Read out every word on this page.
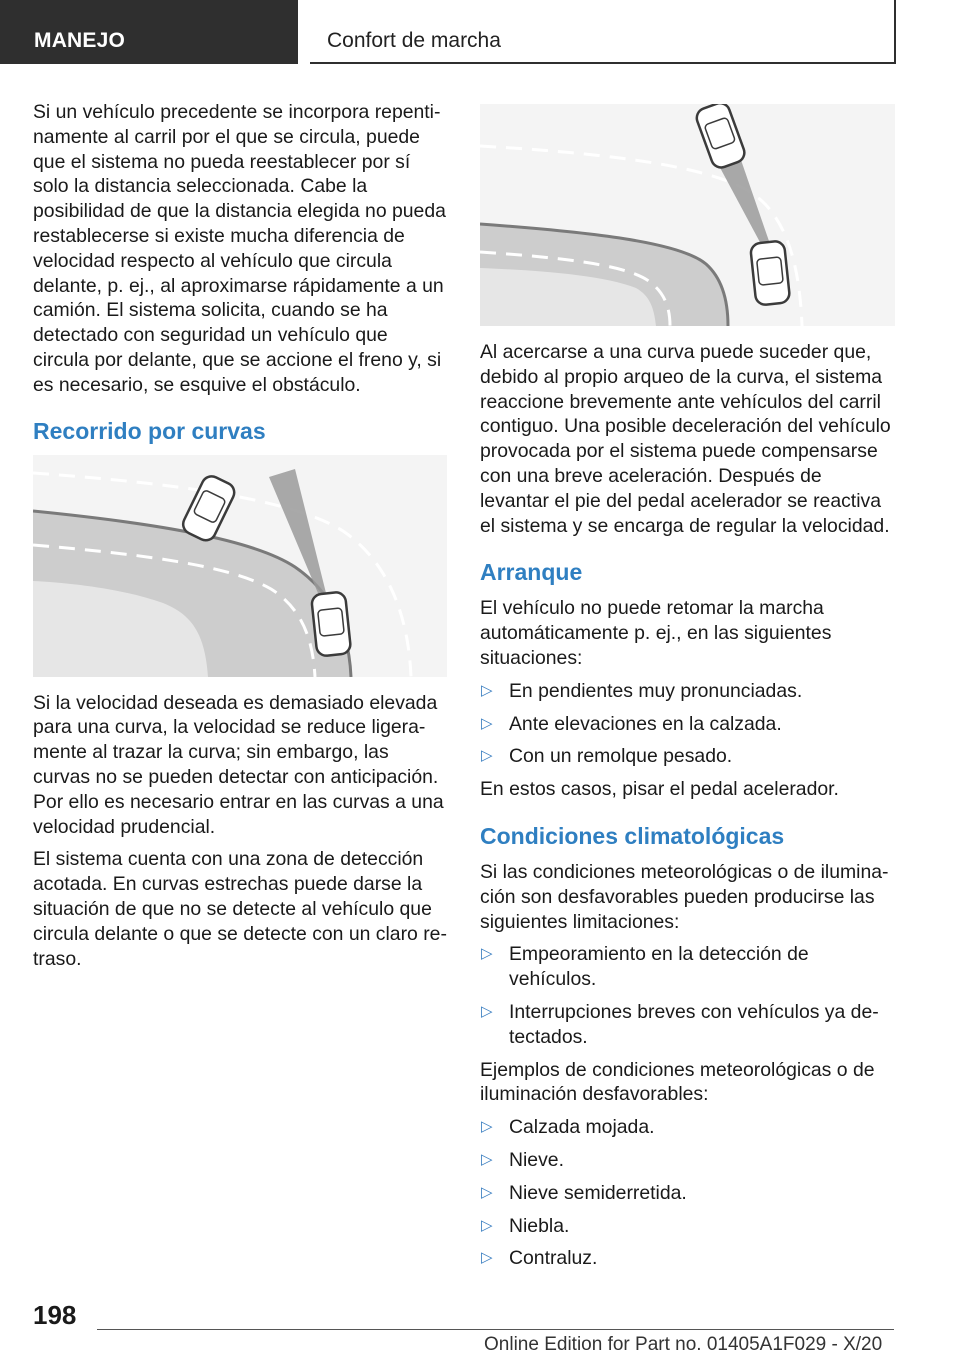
MANEJO	Confort de marcha

Si un vehículo precedente se incorpora repentinamente al carril por el que se circula, puede que el sistema no pueda reestablecer por sí solo la distancia seleccionada. Cabe la posibilidad de que la distancia elegida no pueda restablecerse si existe mucha diferencia de velocidad respecto al vehículo que circula delante, p. ej., al aproximarse rápidamente a un camión. El sistema solicita, cuando se ha detectado con seguridad un vehículo que circula por delante, que se accione el freno y, si es necesario, se esquive el obstáculo.

Recorrido por curvas

Si la velocidad deseada es demasiado elevada para una curva, la velocidad se reduce ligeramente al trazar la curva; sin embargo, las curvas no se pueden detectar con anticipación. Por ello es necesario entrar en las curvas a una velocidad prudencial.

El sistema cuenta con una zona de detección acotada. En curvas estrechas puede darse la situación de que no se detecte al vehículo que circula delante o que se detecte con un claro retraso.

Al acercarse a una curva puede suceder que, debido al propio arqueo de la curva, el sistema reaccione brevemente ante vehículos del carril contiguo. Una posible deceleración del vehículo provocada por el sistema puede compensarse con una breve aceleración. Después de levantar el pie del pedal acelerador se reactiva el sistema y se encarga de regular la velocidad.

Arranque

El vehículo no puede retomar la marcha automáticamente p. ej., en las siguientes situaciones:

▷ En pendientes muy pronunciadas.
▷ Ante elevaciones en la calzada.
▷ Con un remolque pesado.

En estos casos, pisar el pedal acelerador.

Condiciones climatológicas

Si las condiciones meteorológicas o de iluminación son desfavorables pueden producirse las siguientes limitaciones:

▷ Empeoramiento en la detección de vehículos.
▷ Interrupciones breves con vehículos ya detectados.

Ejemplos de condiciones meteorológicas o de iluminación desfavorables:

▷ Calzada mojada.
▷ Nieve.
▷ Nieve semiderretida.
▷ Niebla.
▷ Contraluz.
198
Online Edition for Part no. 01405A1F029 - X/20
